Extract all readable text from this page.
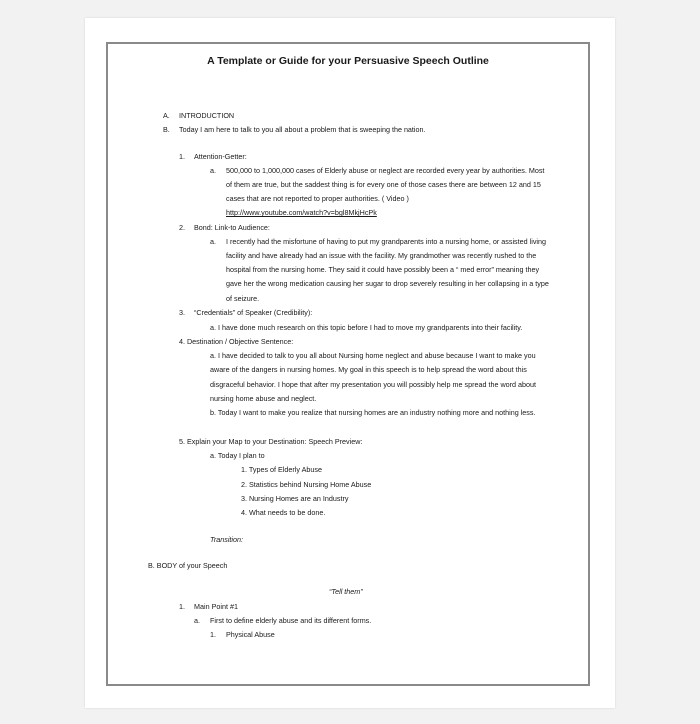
A Template or Guide for your Persuasive Speech Outline
A. INTRODUCTION
B. Today I am here to talk to you all about a problem that is sweeping the nation.
1. Attention-Getter:
a. 500,000 to 1,000,000 cases of Elderly abuse or neglect are recorded every year by authorities. Most
of them are true, but the saddest thing is for every one of those cases there are between 12 and 15
cases that are not reported to proper authorities. ( Video )
http://www.youtube.com/watch?v=bgl8MkjHcPk
2. Bond: Link-to Audience:
a. I recently had the misfortune of having to put my grandparents into a nursing home, or assisted living
facility and have already had an issue with the facility. My grandmother was recently rushed to the
hospital from the nursing home. They said it could have possibly been a “ med error” meaning they
gave her the wrong medication causing her sugar to drop severely resulting in her collapsing in a type
of seizure.
3. “Credentials” of Speaker (Credibility):
a. I have done much research on this topic before I had to move my grandparents into their facility.
4. Destination / Objective Sentence:
a. I have decided to talk to you all about Nursing home neglect and abuse because I want to make you
aware of the dangers in nursing homes. My goal in this speech is to help spread the word about this
disgraceful behavior. I hope that after my presentation you will possibly help me spread the word about
nursing home abuse and neglect.
b. Today I want to make you realize that nursing homes are an industry nothing more and nothing less.
5. Explain your Map to your Destination: Speech Preview:
a. Today I plan to
1. Types of Elderly Abuse
2. Statistics behind Nursing Home Abuse
3. Nursing Homes are an Industry
4. What needs to be done.
Transition:
B. BODY of your Speech
“Tell them”
1. Main Point #1
a. First to define elderly abuse and its different forms.
1. Physical Abuse
